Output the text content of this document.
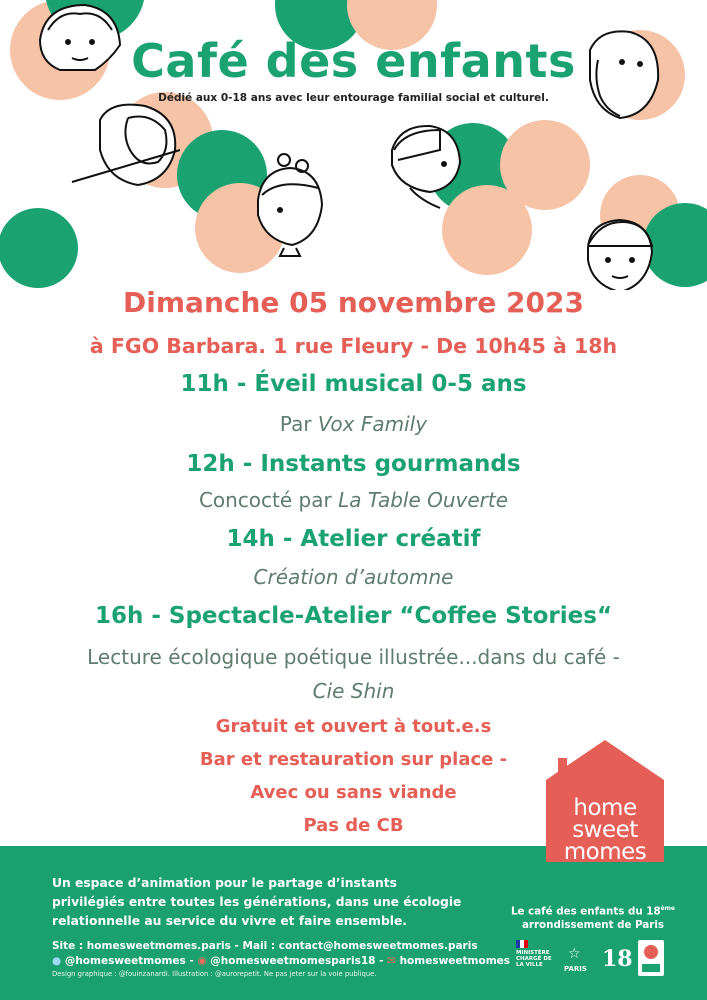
Café des enfants

Dédié aux 0-18 ans avec leur entourage familial social et culturel.

Dimanche 05 novembre 2023

à FGO Barbara. 1 rue Fleury - De 10h45 à 18h

11h - Éveil musical 0-5 ans

Par Vox Family

12h - Instants gourmands

Concocté par La Table Ouverte

14h - Atelier créatif

Création d’automne

16h - Spectacle-Atelier “Coffee Stories“

Lecture écologique poétique illustrée...dans du café -

Cie Shin

Gratuit et ouvert à tout.e.s

Bar et restauration sur place -

Avec ou sans viande

Pas de CB

home
sweet
momes

Un espace d’animation pour le partage d’instants privilégiés entre toutes les générations, dans une écologie relationnelle au service du vivre et faire ensemble.

Site : homesweetmomes.paris - Mail : contact@homesweetmomes.paris
● @homesweetmomes - ◉ @homesweetmomesparis18 - ✉ homesweetmomes
Design graphique : @fouinzanardi. Illustration : @aurorepetit. Ne pas jeter sur la voie publique.

Le café des enfants du 18ème
arrondissement de Paris

MINISTÈRE CHARGÉ DE LA VILLE
☆
PARIS 18
